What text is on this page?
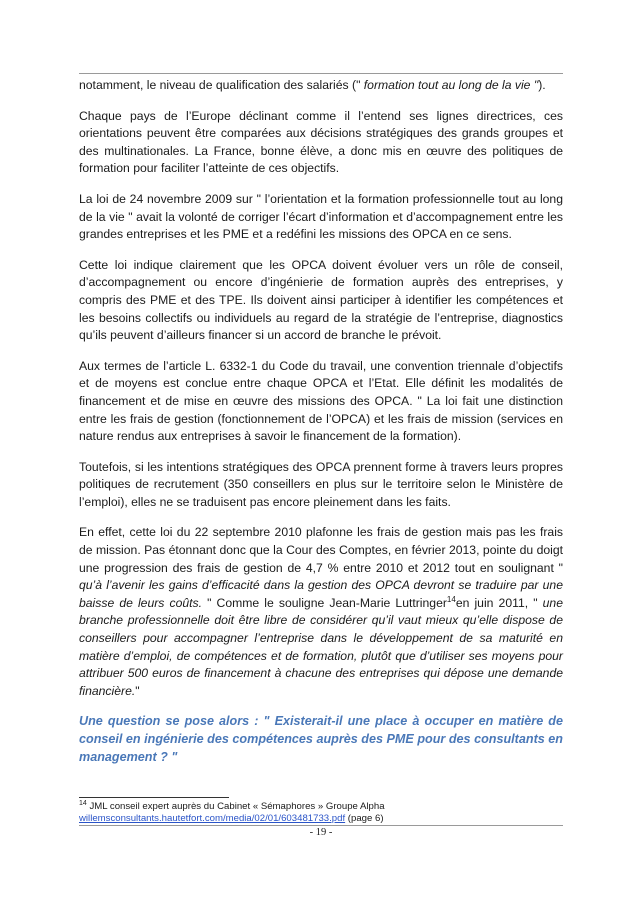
notamment, le niveau de qualification des salariés (" formation tout au long de la vie ").

Chaque pays de l’Europe déclinant comme il l’entend ses lignes directrices, ces orientations peuvent être comparées aux décisions stratégiques des grands groupes et des multinationales. La France, bonne élève, a donc mis en œuvre des politiques de formation pour faciliter l’atteinte de ces objectifs.

La loi de 24 novembre 2009 sur " l’orientation et la formation professionnelle tout au long de la vie " avait la volonté de corriger l’écart d’information et d’accompagnement entre les grandes entreprises et les PME et a redéfini les missions des OPCA en ce sens.

Cette loi indique clairement que les OPCA doivent évoluer vers un rôle de conseil, d’accompagnement ou encore d’ingénierie de formation auprès des entreprises, y compris des PME et des TPE. Ils doivent ainsi participer à identifier les compétences et les besoins collectifs ou individuels au regard de la stratégie de l’entreprise, diagnostics qu’ils peuvent d’ailleurs financer si un accord de branche le prévoit.

Aux termes de l’article L. 6332-1 du Code du travail, une convention triennale d’objectifs et de moyens est conclue entre chaque OPCA et l’Etat. Elle définit les modalités de financement et de mise en œuvre des missions des OPCA. " La loi fait une distinction entre les frais de gestion (fonctionnement de l’OPCA) et les frais de mission (services en nature rendus aux entreprises à savoir le financement de la formation).

Toutefois, si les intentions stratégiques des OPCA prennent forme à travers leurs propres politiques de recrutement (350 conseillers en plus sur le territoire selon le Ministère de l’emploi), elles ne se traduisent pas encore pleinement dans les faits.

En effet, cette loi du 22 septembre 2010 plafonne les frais de gestion mais pas les frais de mission. Pas étonnant donc que la Cour des Comptes, en février 2013, pointe du doigt une progression des frais de gestion de 4,7 % entre 2010 et 2012 tout en soulignant " qu’à l’avenir les gains d’efficacité dans la gestion des OPCA devront se traduire par une baisse de leurs coûts. " Comme le souligne Jean-Marie Luttringer$^{14}$en juin 2011, " une branche professionnelle doit être libre de considérer qu’il vaut mieux qu’elle dispose de conseillers pour accompagner l’entreprise dans le développement de sa maturité en matière d’emploi, de compétences et de formation, plutôt que d’utiliser ses moyens pour attribuer 500 euros de financement à chacune des entreprises qui dépose une demande financière."

Une question se pose alors : " Existerait-il une place à occuper en matière de conseil en ingénierie des compétences auprès des PME pour des consultants en management ? "

$^{14}$ JML conseil expert auprès du Cabinet « Sémaphores » Groupe Alpha
willemsconsultants.hautetfort.com/media/02/01/603481733.pdf (page 6)
- 19 -
